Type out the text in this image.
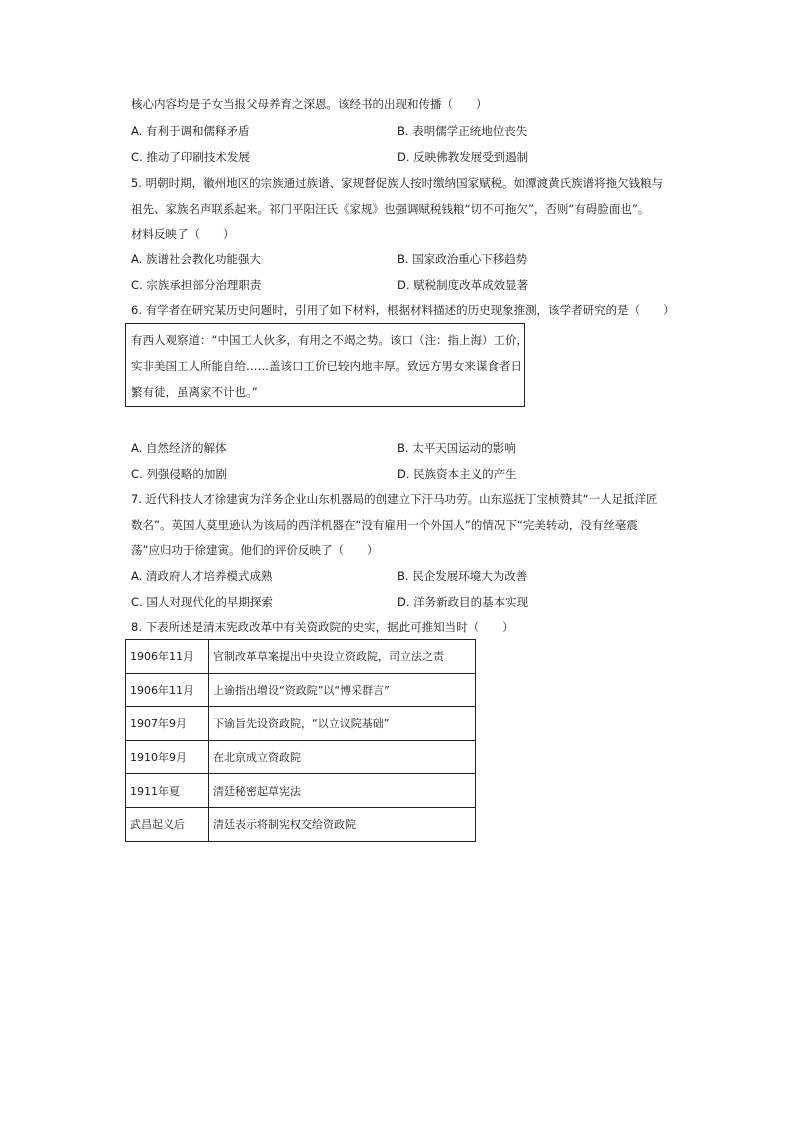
核心内容均是子女当报父母养育之深恩。该经书的出现和传播（　　）
A. 有利于调和儒释矛盾	B. 表明儒学正统地位丧失
C. 推动了印刷技术发展	D. 反映佛教发展受到遏制
5. 明朝时期，徽州地区的宗族通过族谱、家规督促族人按时缴纳国家赋税。如潭渡黄氏族谱将拖欠钱粮与
祖先、家族名声联系起来。祁门平阳汪氏《家规》也强调赋税钱粮“切不可拖欠”，否则“有碍脸面也”。
材料反映了（　　）
A. 族谱社会教化功能强大	B. 国家政治重心下移趋势
C. 宗族承担部分治理职责	D. 赋税制度改革成效显著
6. 有学者在研究某历史问题时，引用了如下材料，根据材料描述的历史现象推测，该学者研究的是（　　）
有西人观察道：“中国工人伙多，有用之不竭之势。该口（注：指上海）工价，
实非美国工人所能自给……盖该口工价已较内地丰厚。致远方男女来谋食者日
繁有徒，虽离家不计也。”
A. 自然经济的解体	B. 太平天国运动的影响
C. 列强侵略的加剧	D. 民族资本主义的产生
7. 近代科技人才徐建寅为洋务企业山东机器局的创建立下汗马功劳。山东巡抚丁宝桢赞其“一人足抵洋匠
数名”。英国人莫里逊认为该局的西洋机器在“没有雇用一个外国人”的情况下“完美转动，没有丝毫震
荡”应归功于徐建寅。他们的评价反映了（　　）
A. 清政府人才培养模式成熟	B. 民企发展环境大为改善
C. 国人对现代化的早期探索	D. 洋务新政目的基本实现
8. 下表所述是清末宪政改革中有关资政院的史实，据此可推知当时（　　）
1906年11月	官制改革草案提出中央设立资政院，司立法之责
1906年11月	上谕指出增设“资政院”以“博采群言”
1907年9月	下谕旨先设资政院，“以立议院基础”
1910年9月	在北京成立资政院
1911年夏	清廷秘密起草宪法
武昌起义后	清廷表示将制宪权交给资政院
